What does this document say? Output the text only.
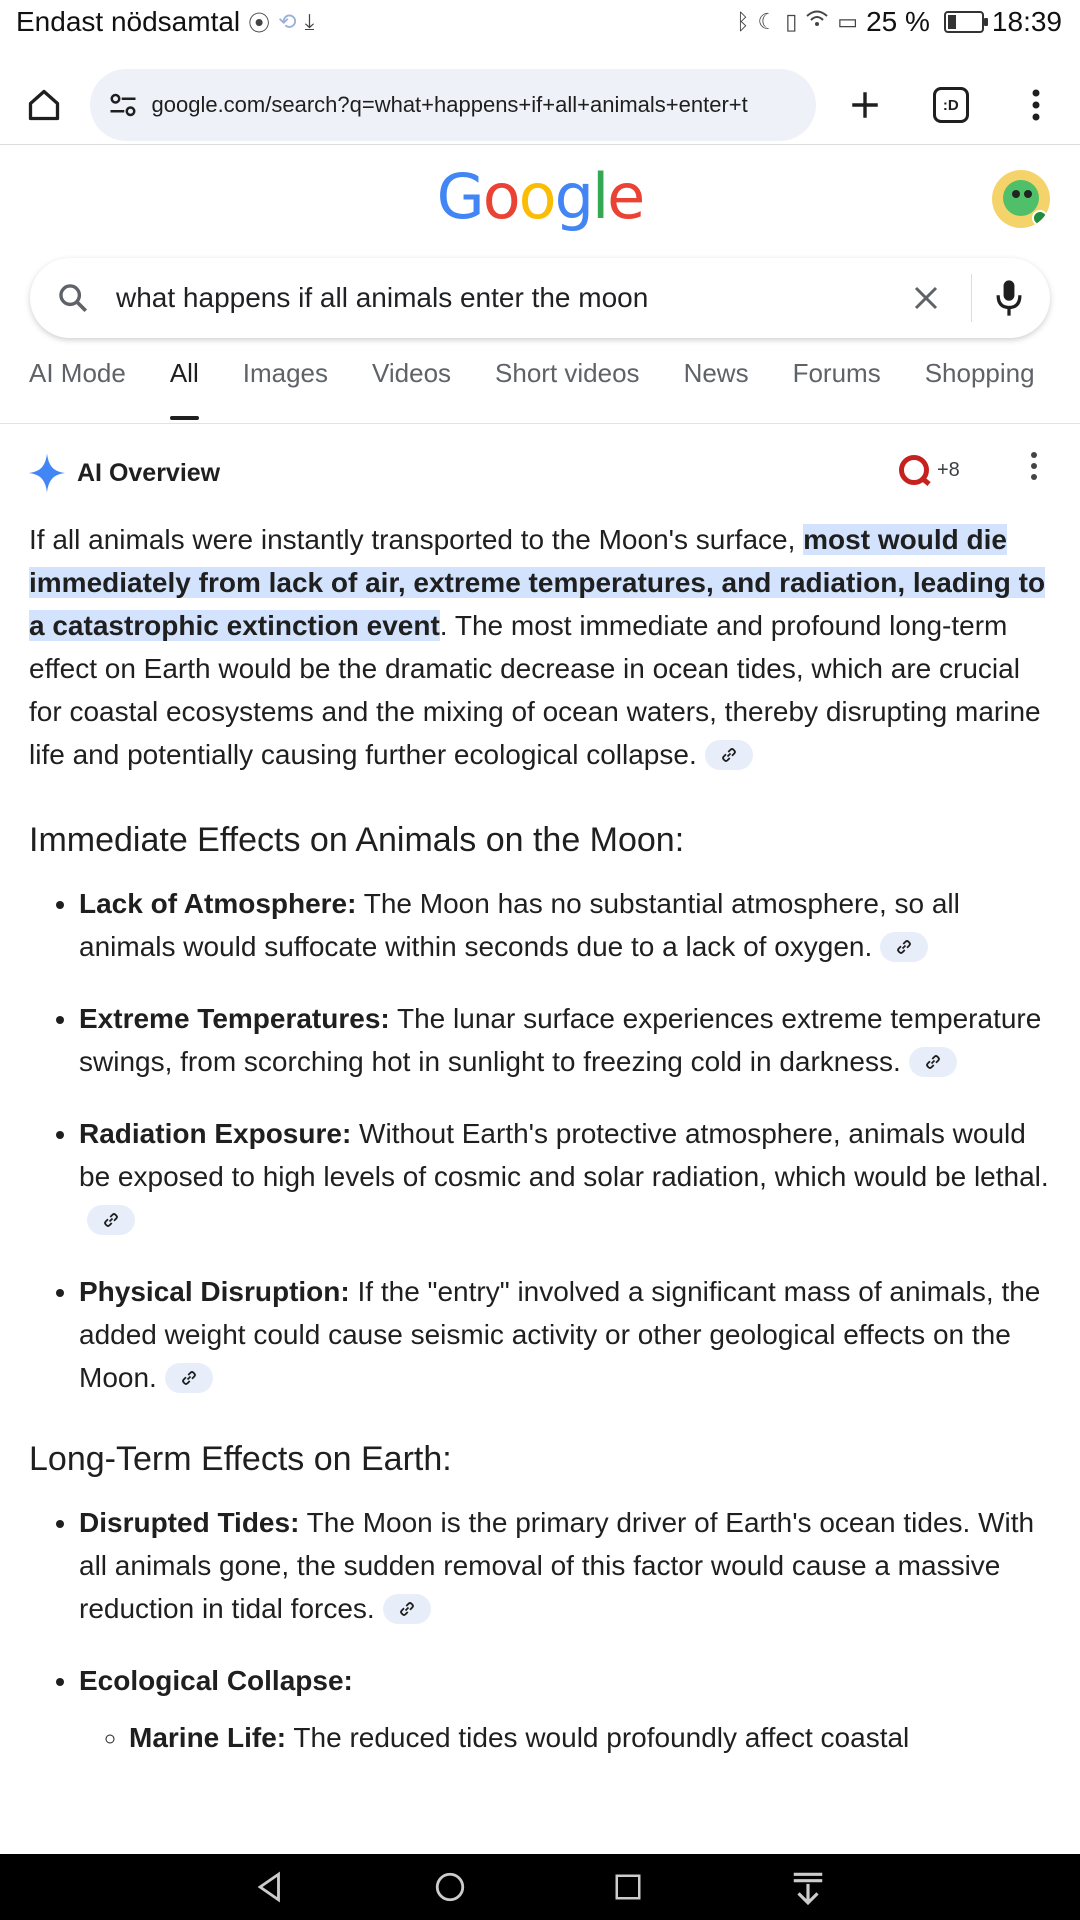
Endast nödsamtal ⦿ ⟲ ⤓	ᛒ ☾ ▯ ▭ 25 %	+ 18:39
google.com/search?q=what+happens+if+all+animals+enter+t	:D
Google
what happens if all animals enter the moon
AI Mode All Images Videos Short videos News Forums Shopping
AI Overview	+8

If all animals were instantly transported to the Moon's surface, most would die immediately from lack of air, extreme temperatures, and radiation, leading to a catastrophic extinction event. The most immediate and profound long-term effect on Earth would be the dramatic decrease in ocean tides, which are crucial for coastal ecosystems and the mixing of ocean waters, thereby disrupting marine life and potentially causing further ecological collapse.

Immediate Effects on Animals on the Moon:
• Lack of Atmosphere: The Moon has no substantial atmosphere, so all animals would suffocate within seconds due to a lack of oxygen.
• Extreme Temperatures: The lunar surface experiences extreme temperature swings, from scorching hot in sunlight to freezing cold in darkness.
• Radiation Exposure: Without Earth's protective atmosphere, animals would be exposed to high levels of cosmic and solar radiation, which would be lethal.
• Physical Disruption: If the "entry" involved a significant mass of animals, the added weight could cause seismic activity or other geological effects on the Moon.
Long-Term Effects on Earth:
• Disrupted Tides: The Moon is the primary driver of Earth's ocean tides. With all animals gone, the sudden removal of this factor would cause a massive reduction in tidal forces.
• Ecological Collapse:
◦ Marine Life: The reduced tides would profoundly affect coastal
